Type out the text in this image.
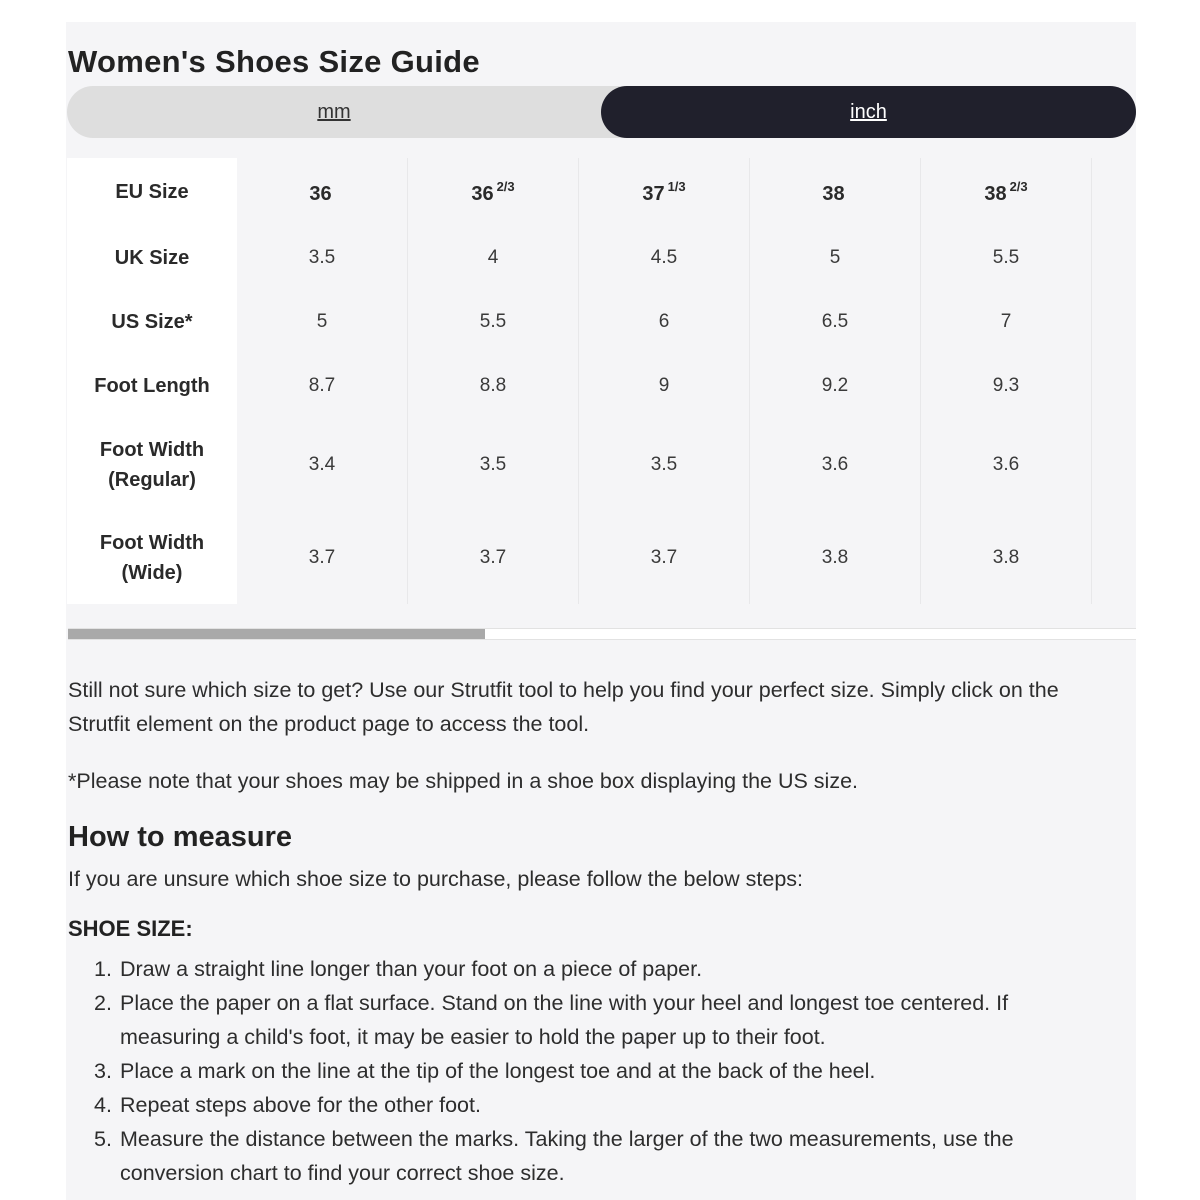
Women's Shoes Size Guide
mm	inch
EU Size	36	36 $^{2/3}$	37 $^{1/3}$	38	38 $^{2/3}$	
UK Size	3.5	4	4.5	5	5.5	
US Size*	5	5.5	6	6.5	7	
Foot Length	8.7	8.8	9	9.2	9.3	
Foot Width
(Regular)	3.4	3.5	3.5	3.6	3.6	
Foot Width
(Wide)	3.7	3.7	3.7	3.8	3.8	

Still not sure which size to get? Use our Strutfit tool to help you find your perfect size. Simply click on the Strutfit element on the product page to access the tool.

*Please note that your shoes may be shipped in a shoe box displaying the US size.

How to measure

If you are unsure which shoe size to purchase, please follow the below steps:

SHOE SIZE:
1. Draw a straight line longer than your foot on a piece of paper.
2. Place the paper on a flat surface. Stand on the line with your heel and longest toe centered. If measuring a child's foot, it may be easier to hold the paper up to their foot.
3. Place a mark on the line at the tip of the longest toe and at the back of the heel.
4. Repeat steps above for the other foot.
5. Measure the distance between the marks. Taking the larger of the two measurements, use the conversion chart to find your correct shoe size.
